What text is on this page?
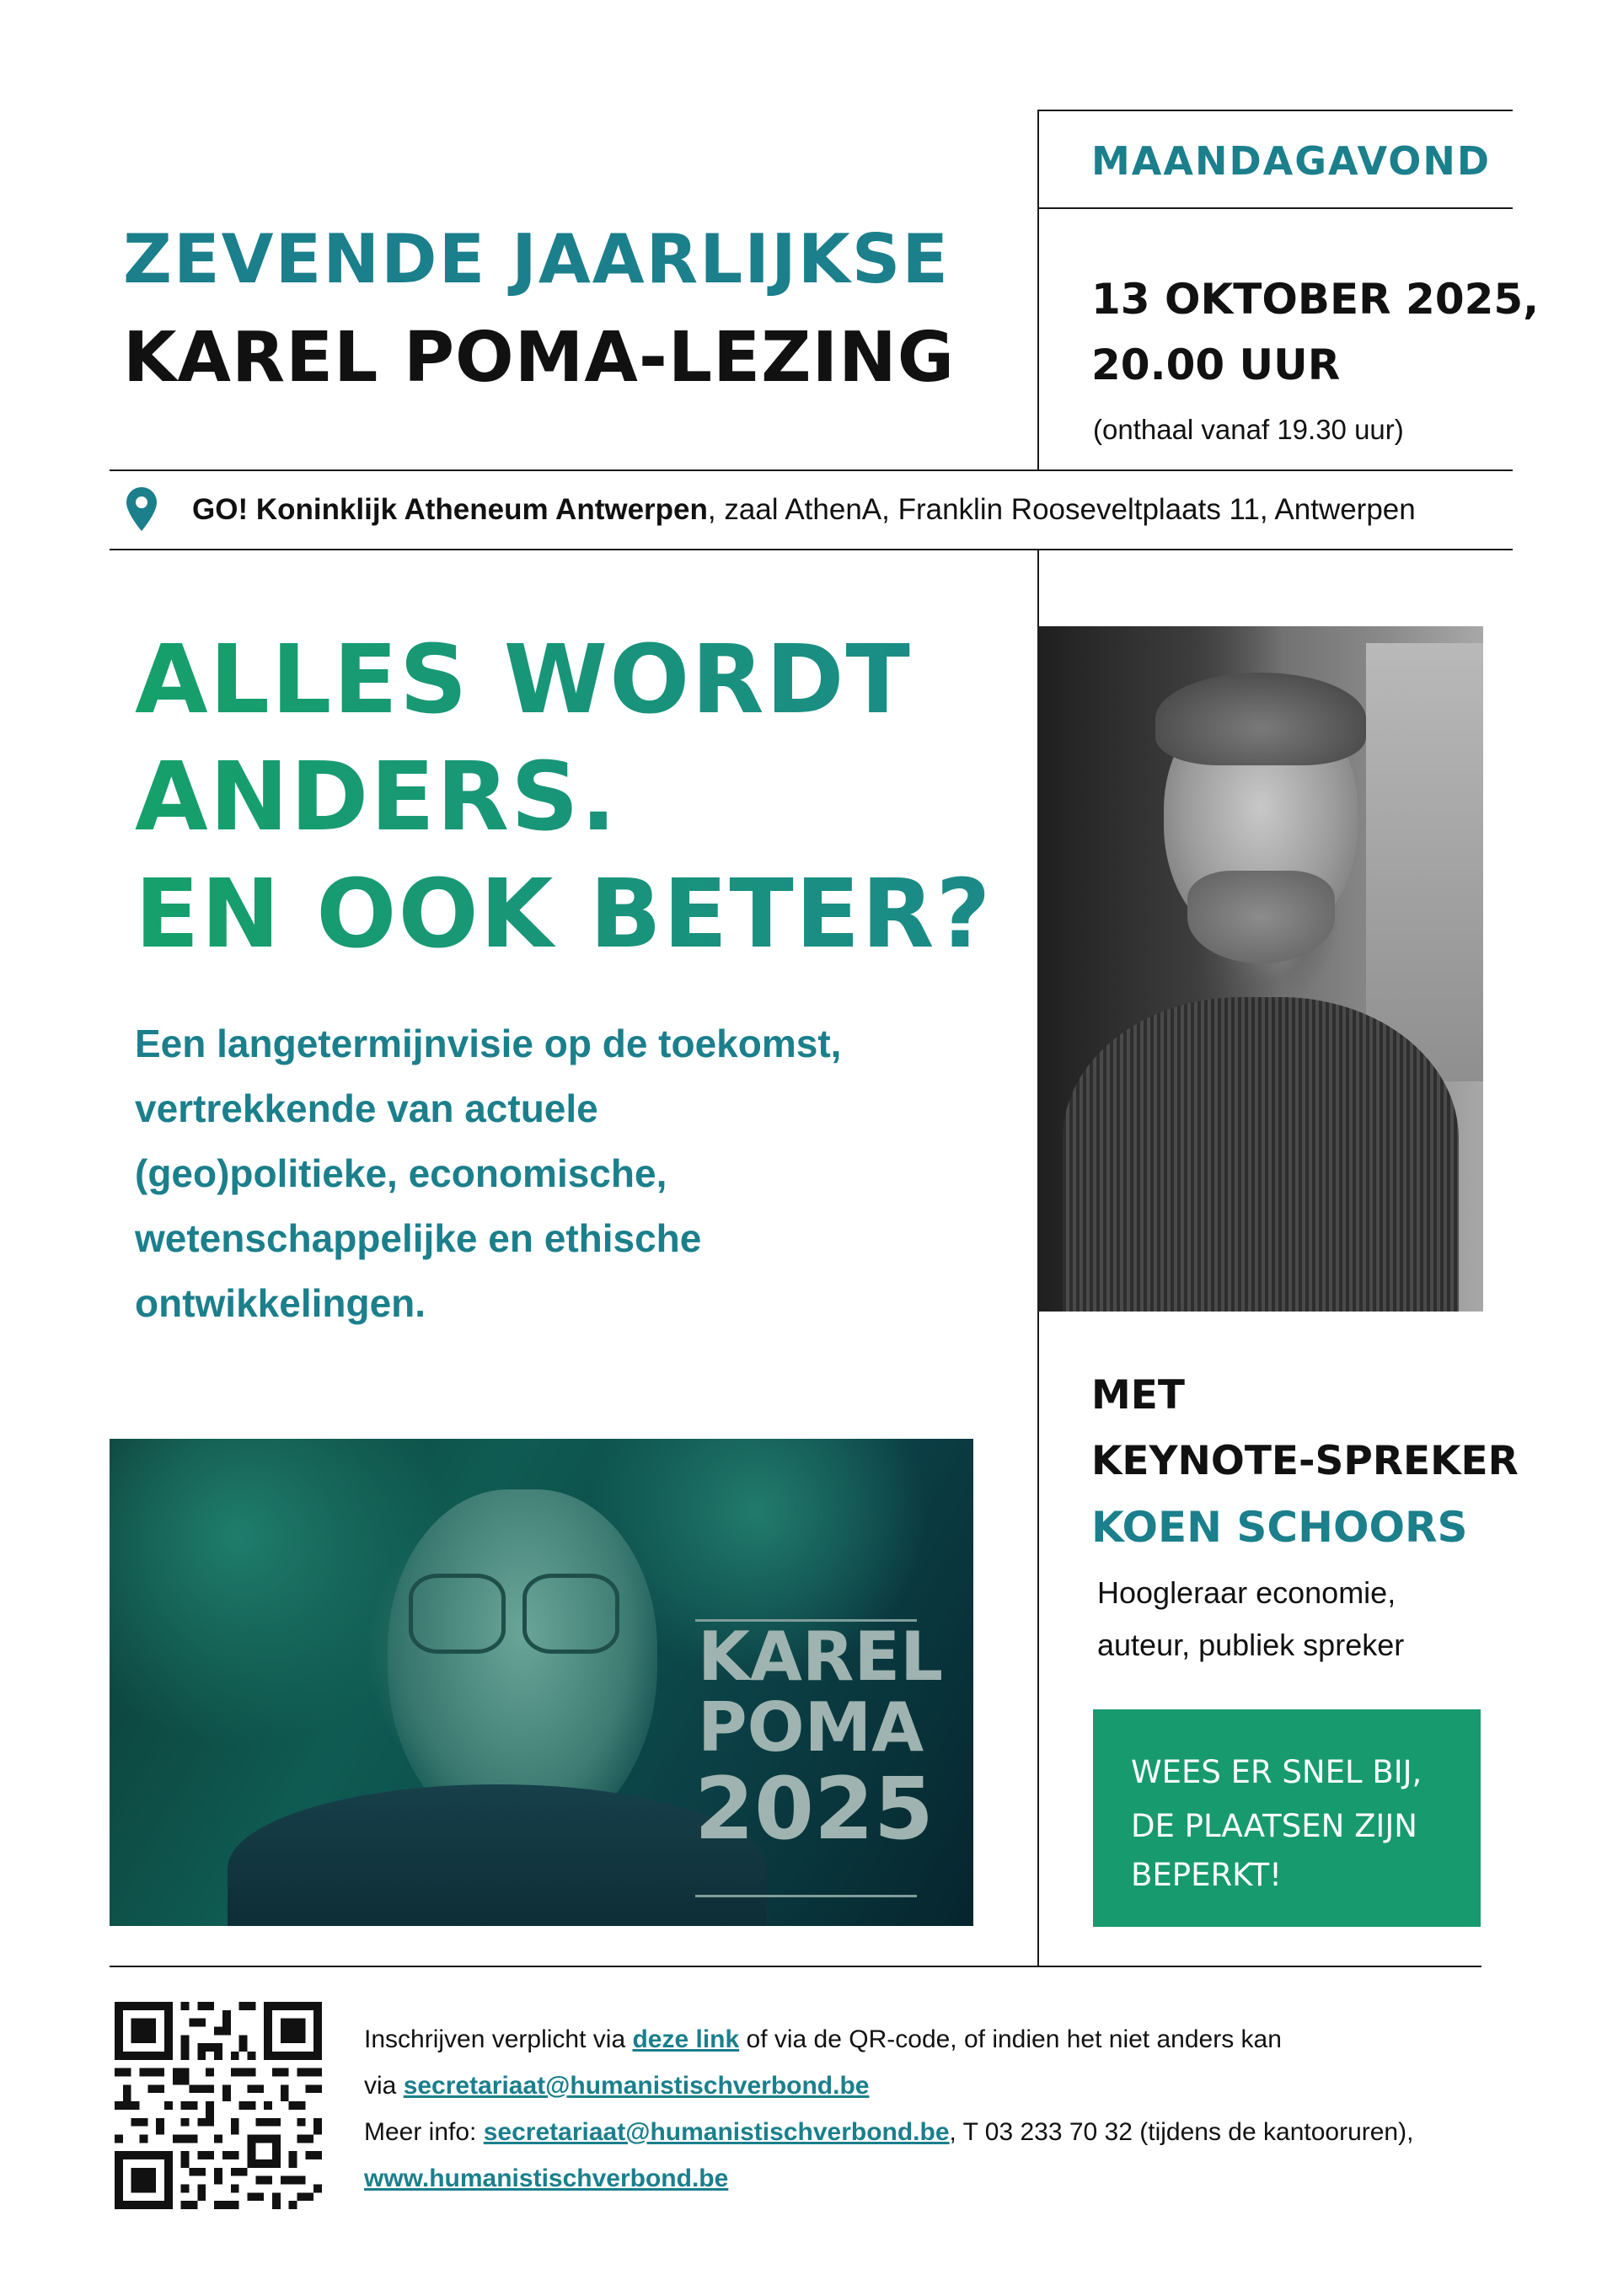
ZEVENDE JAARLIJKSE
KAREL POMA-LEZING
MAANDAGAVOND
13 OKTOBER 2025,
20.00 UUR
(onthaal vanaf 19.30 uur)
GO! Koninklijk Atheneum Antwerpen, zaal AthenA, Franklin Rooseveltplaats 11, Antwerpen
ALLES WORDT
ANDERS.
EN OOK BETER?
Een langetermijnvisie op de toekomst,
vertrekkende van actuele
(geo)politieke, economische,
wetenschappelijke en ethische
ontwikkelingen.
MET
KEYNOTE-SPREKER
KOEN SCHOORS
Hoogleraar economie,
auteur, publiek spreker
KAREL
POMA
2025	WEES ER SNEL BIJ,
DE PLAATSEN ZIJN
BEPERKT!
Inschrijven verplicht via deze link of via de QR-code, of indien het niet anders kan
via secretariaat@humanistischverbond.be
Meer info: secretariaat@humanistischverbond.be, T 03 233 70 32 (tijdens de kantooruren),
www.humanistischverbond.be
